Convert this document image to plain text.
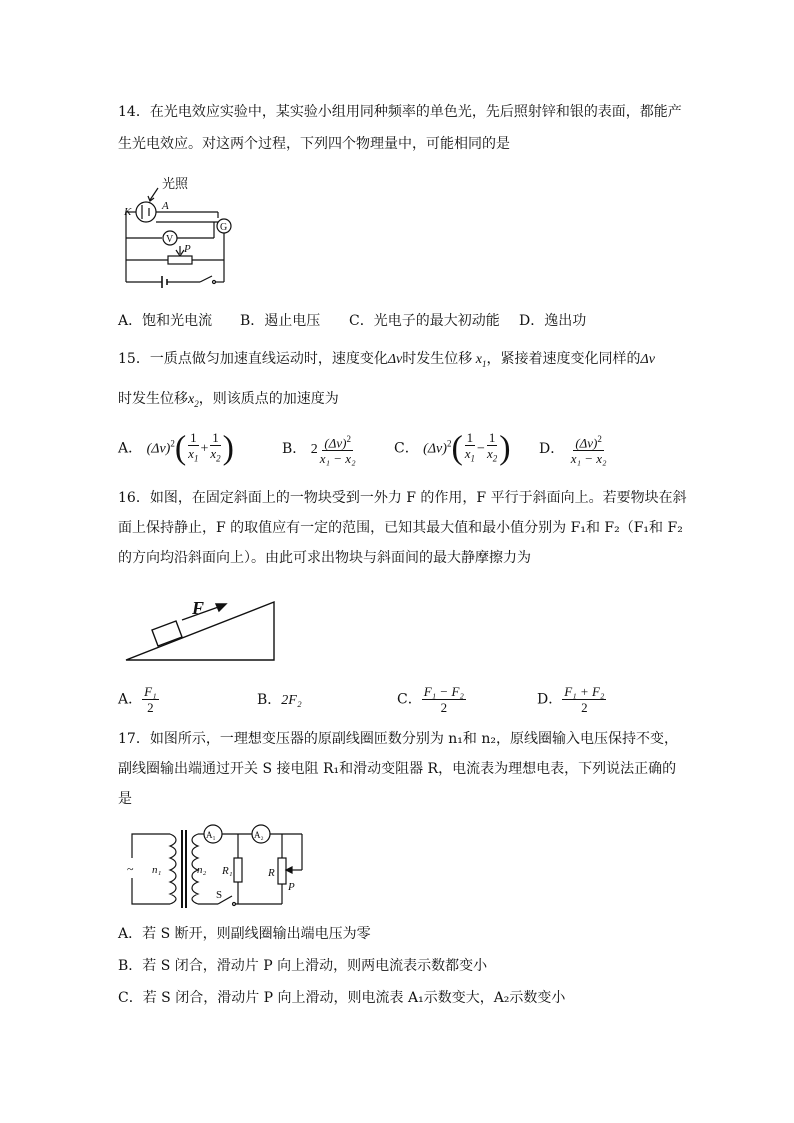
14．在光电效应实验中，某实验小组用同种频率的单色光，先后照射锌和银的表面，都能产
生光电效应。对这两个过程，下列四个物理量中，可能相同的是
光照
K	A
G
V
P
A．饱和光电流 B．遏止电压 C．光电子的最大初动能 D．逸出功
15．一质点做匀加速直线运动时，速度变化Δv时发生位移 $x_1$，紧接着速度变化同样的Δv
时发生位移$x_2$，则该质点的加速度为
A． $(\Delta v)^2( \frac{1}{x_1} + \frac{1}{x_2}$ )	B． $2 \frac{(\Delta v)^2}{\text{x₁ − x₂}}$	C． $(\Delta v)^2( \frac{1}{x_1} - \frac{1}{x_2}$ ) D． $\frac{(\Delta v)^2}{\text{x₁ − x₂}}$
16．如图，在固定斜面上的一物块受到一外力 F 的作用，F 平行于斜面向上。若要物块在斜
面上保持静止，F 的取值应有一定的范围，已知其最大值和最小值分别为 F₁和 F₂（F₁和 F₂
的方向均沿斜面向上）。由此可求出物块与斜面间的最大静摩擦力为
F
A． $\frac{\text{F₁}}{2}$	B．2F₂	C． $\frac{\text{F₁ − F₂}}{2}$	D． $\frac{\text{F₁ + F₂}}{2}$
17．如图所示，一理想变压器的原副线圈匝数分别为 n₁和 n₂，原线圈输入电压保持不变，
副线圈输出端通过开关 S 接电阻 R₁和滑动变阻器 R，电流表为理想电表，下列说法正确的
是
~ n₁	n₂
A₁	A₂
R₁	R
P
S
A．若 S 断开，则副线圈输出端电压为零
B．若 S 闭合，滑动片 P 向上滑动，则两电流表示数都变小
C．若 S 闭合，滑动片 P 向上滑动，则电流表 A₁示数变大，A₂示数变小
